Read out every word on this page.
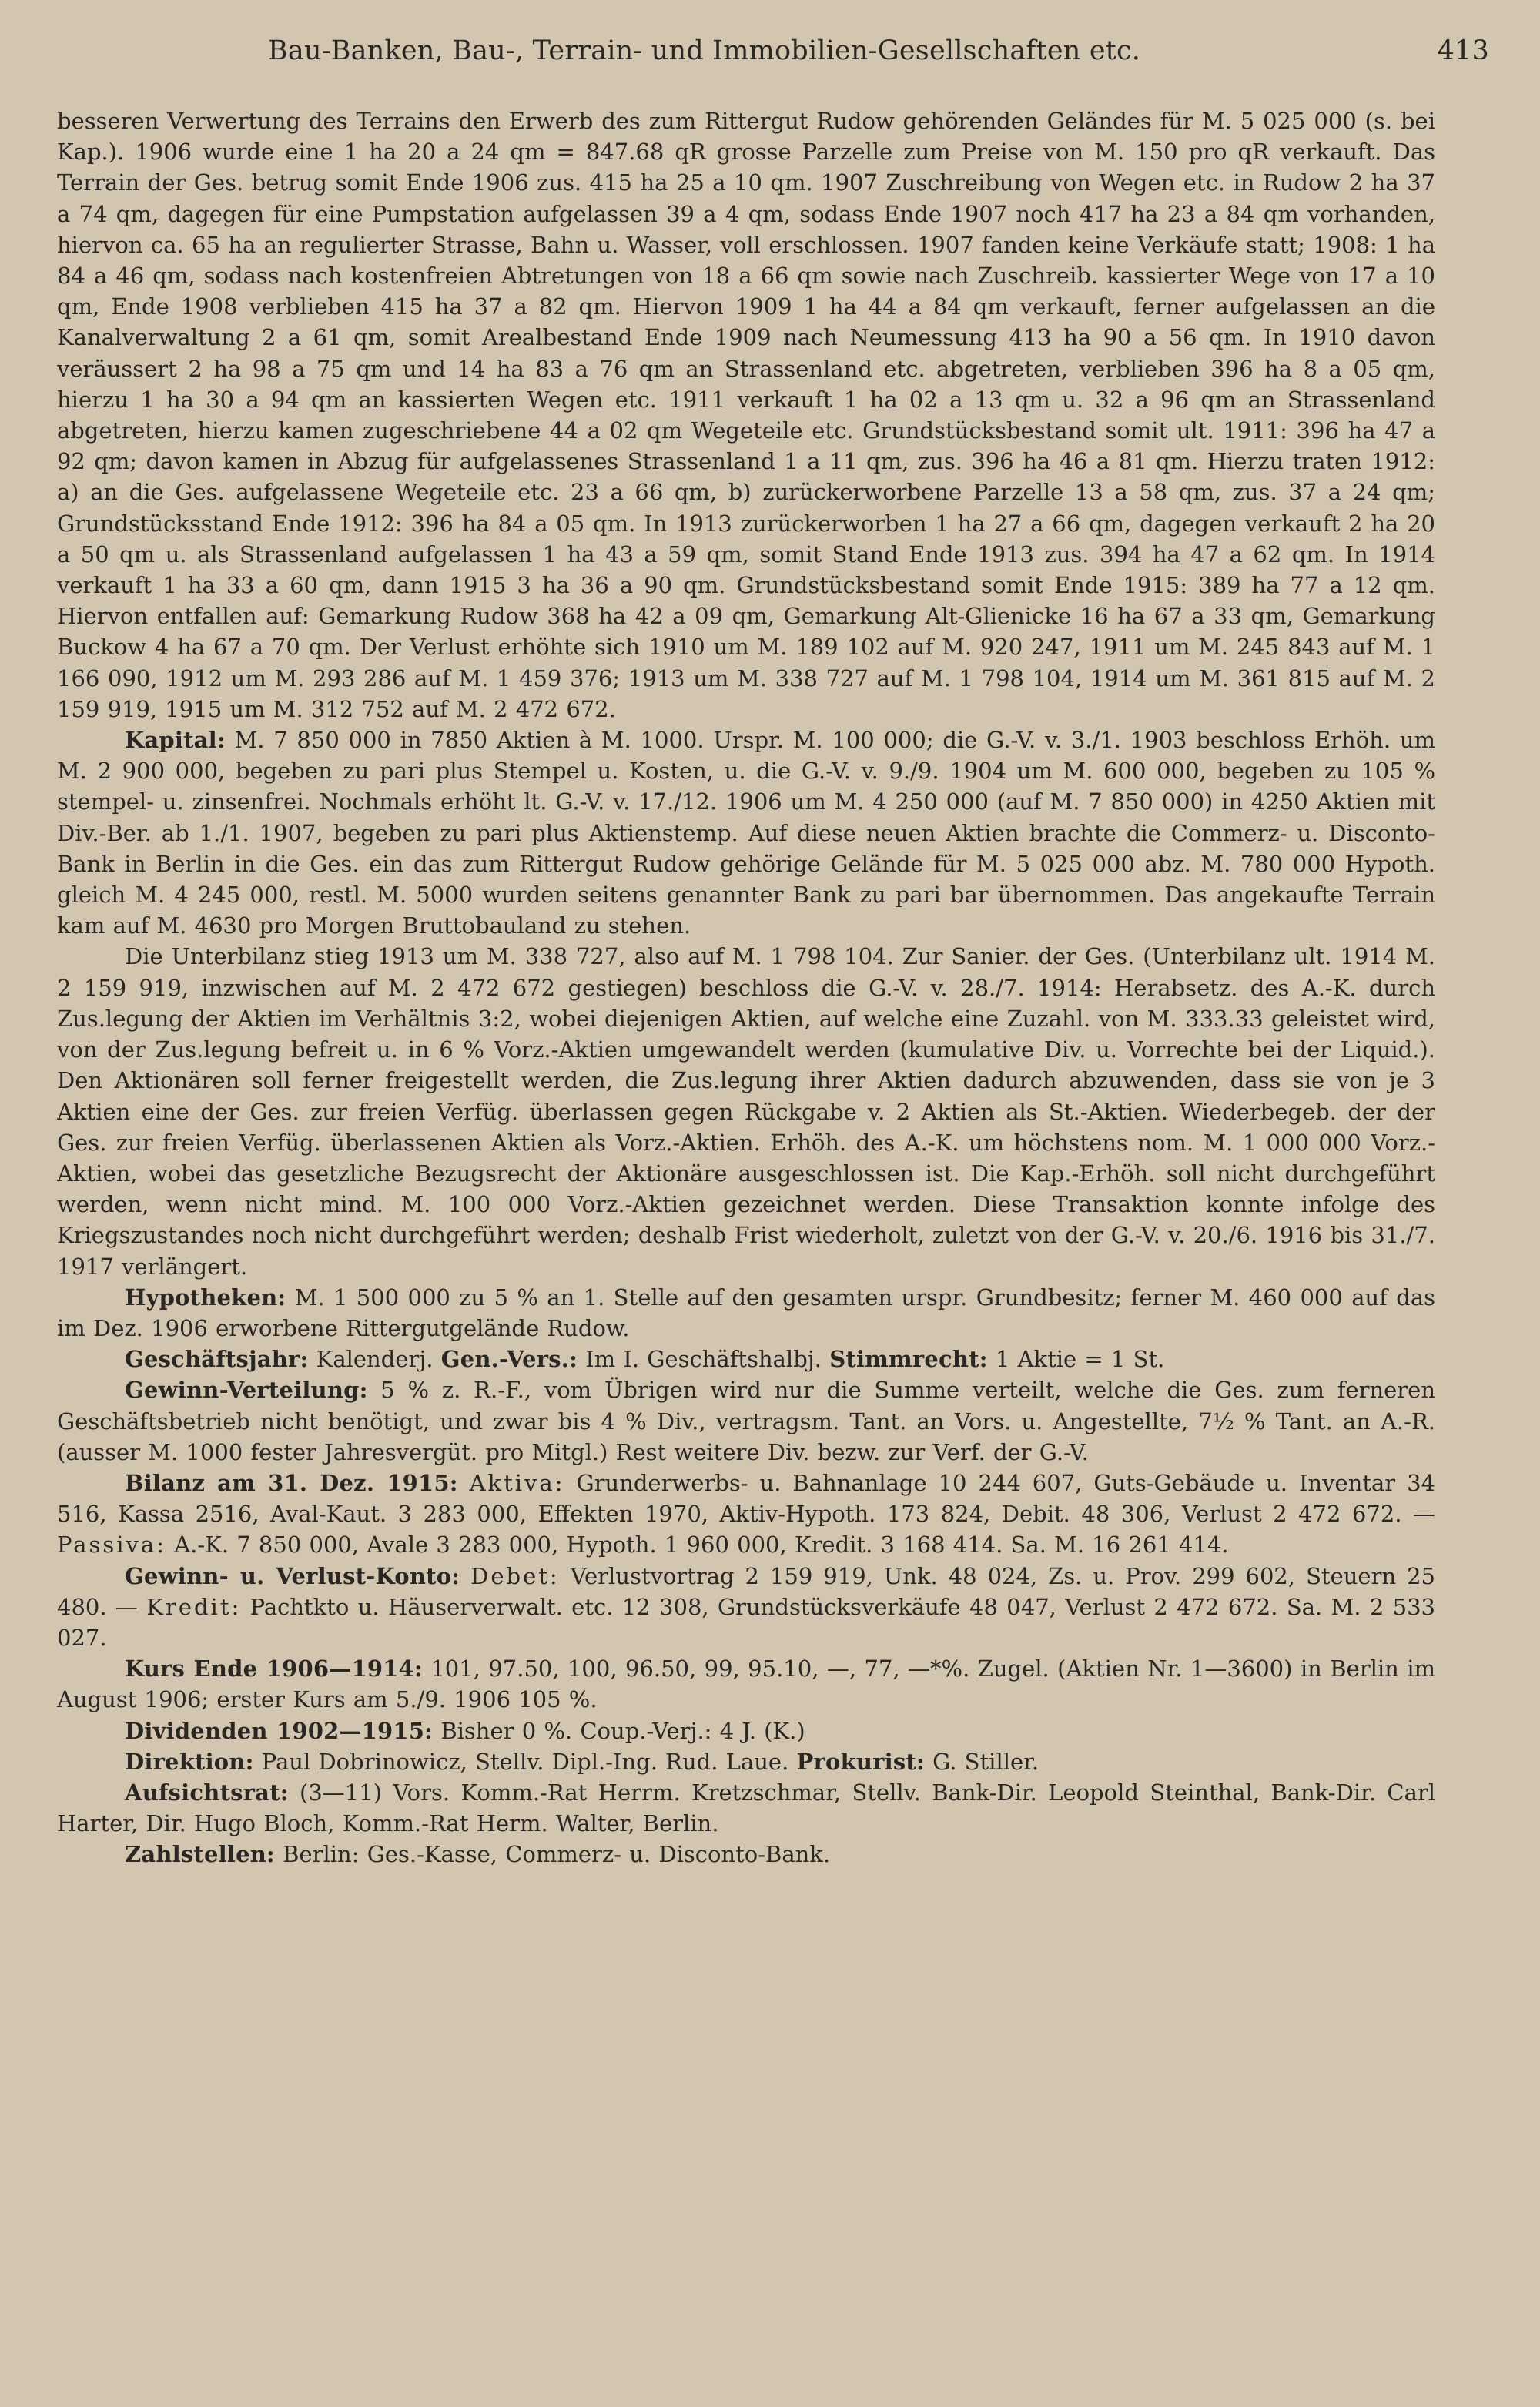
Bau-Banken, Bau-, Terrain- und Immobilien-Gesellschaften etc.	413

besseren Verwertung des Terrains den Erwerb des zum Rittergut Rudow gehörenden Geländes für M. 5 025 000 (s. bei Kap.). 1906 wurde eine 1 ha 20 a 24 qm = 847.68 qR grosse Parzelle zum Preise von M. 150 pro qR verkauft. Das Terrain der Ges. betrug somit Ende 1906 zus. 415 ha 25 a 10 qm. 1907 Zuschreibung von Wegen etc. in Rudow 2 ha 37 a 74 qm, dagegen für eine Pumpstation aufgelassen 39 a 4 qm, sodass Ende 1907 noch 417 ha 23 a 84 qm vorhanden, hiervon ca. 65 ha an regulierter Strasse, Bahn u. Wasser, voll erschlossen. 1907 fanden keine Verkäufe statt; 1908: 1 ha 84 a 46 qm, sodass nach kostenfreien Abtretungen von 18 a 66 qm sowie nach Zuschreib. kassierter Wege von 17 a 10 qm, Ende 1908 verblieben 415 ha 37 a 82 qm. Hiervon 1909 1 ha 44 a 84 qm verkauft, ferner aufgelassen an die Kanalverwaltung 2 a 61 qm, somit Arealbestand Ende 1909 nach Neumessung 413 ha 90 a 56 qm. In 1910 davon veräussert 2 ha 98 a 75 qm und 14 ha 83 a 76 qm an Strassenland etc. abgetreten, verblieben 396 ha 8 a 05 qm, hierzu 1 ha 30 a 94 qm an kassierten Wegen etc. 1911 verkauft 1 ha 02 a 13 qm u. 32 a 96 qm an Strassenland abgetreten, hierzu kamen zugeschriebene 44 a 02 qm Wegeteile etc. Grundstücksbestand somit ult. 1911: 396 ha 47 a 92 qm; davon kamen in Abzug für aufgelassenes Strassenland 1 a 11 qm, zus. 396 ha 46 a 81 qm. Hierzu traten 1912: a) an die Ges. aufgelassene Wegeteile etc. 23 a 66 qm, b) zurückerworbene Parzelle 13 a 58 qm, zus. 37 a 24 qm; Grundstücksstand Ende 1912: 396 ha 84 a 05 qm. In 1913 zurückerworben 1 ha 27 a 66 qm, dagegen verkauft 2 ha 20 a 50 qm u. als Strassenland aufgelassen 1 ha 43 a 59 qm, somit Stand Ende 1913 zus. 394 ha 47 a 62 qm. In 1914 verkauft 1 ha 33 a 60 qm, dann 1915 3 ha 36 a 90 qm. Grundstücksbestand somit Ende 1915: 389 ha 77 a 12 qm. Hiervon entfallen auf: Gemarkung Rudow 368 ha 42 a 09 qm, Gemarkung Alt-Glienicke 16 ha 67 a 33 qm, Gemarkung Buckow 4 ha 67 a 70 qm. Der Verlust erhöhte sich 1910 um M. 189 102 auf M. 920 247, 1911 um M. 245 843 auf M. 1 166 090, 1912 um M. 293 286 auf M. 1 459 376; 1913 um M. 338 727 auf M. 1 798 104, 1914 um M. 361 815 auf M. 2 159 919, 1915 um M. 312 752 auf M. 2 472 672.

Kapital: M. 7 850 000 in 7850 Aktien à M. 1000. Urspr. M. 100 000; die G.-V. v. 3./1. 1903 beschloss Erhöh. um M. 2 900 000, begeben zu pari plus Stempel u. Kosten, u. die G.-V. v. 9./9. 1904 um M. 600 000, begeben zu 105 % stempel- u. zinsenfrei. Nochmals erhöht lt. G.-V. v. 17./12. 1906 um M. 4 250 000 (auf M. 7 850 000) in 4250 Aktien mit Div.-Ber. ab 1./1. 1907, begeben zu pari plus Aktienstemp. Auf diese neuen Aktien brachte die Commerz- u. Disconto-Bank in Berlin in die Ges. ein das zum Rittergut Rudow gehörige Gelände für M. 5 025 000 abz. M. 780 000 Hypoth. gleich M. 4 245 000, restl. M. 5000 wurden seitens genannter Bank zu pari bar übernommen. Das angekaufte Terrain kam auf M. 4630 pro Morgen Bruttobauland zu stehen.

Die Unterbilanz stieg 1913 um M. 338 727, also auf M. 1 798 104. Zur Sanier. der Ges. (Unterbilanz ult. 1914 M. 2 159 919, inzwischen auf M. 2 472 672 gestiegen) beschloss die G.-V. v. 28./7. 1914: Herabsetz. des A.-K. durch Zus.legung der Aktien im Verhältnis 3:2, wobei diejenigen Aktien, auf welche eine Zuzahl. von M. 333.33 geleistet wird, von der Zus.legung befreit u. in 6 % Vorz.-Aktien umgewandelt werden (kumulative Div. u. Vorrechte bei der Liquid.). Den Aktionären soll ferner freigestellt werden, die Zus.legung ihrer Aktien dadurch abzuwenden, dass sie von je 3 Aktien eine der Ges. zur freien Verfüg. überlassen gegen Rückgabe v. 2 Aktien als St.-Aktien. Wiederbegeb. der der Ges. zur freien Verfüg. überlassenen Aktien als Vorz.-Aktien. Erhöh. des A.-K. um höchstens nom. M. 1 000 000 Vorz.-Aktien, wobei das gesetzliche Bezugsrecht der Aktionäre ausgeschlossen ist. Die Kap.-Erhöh. soll nicht durchgeführt werden, wenn nicht mind. M. 100 000 Vorz.-Aktien gezeichnet werden. Diese Transaktion konnte infolge des Kriegszustandes noch nicht durchgeführt werden; deshalb Frist wiederholt, zuletzt von der G.-V. v. 20./6. 1916 bis 31./7. 1917 verlängert.

Hypotheken: M. 1 500 000 zu 5 % an 1. Stelle auf den gesamten urspr. Grundbesitz; ferner M. 460 000 auf das im Dez. 1906 erworbene Rittergutgelände Rudow.

Geschäftsjahr: Kalenderj. Gen.-Vers.: Im I. Geschäftshalbj. Stimmrecht: 1 Aktie = 1 St.

Gewinn-Verteilung: 5 % z. R.-F., vom Übrigen wird nur die Summe verteilt, welche die Ges. zum ferneren Geschäftsbetrieb nicht benötigt, und zwar bis 4 % Div., vertragsm. Tant. an Vors. u. Angestellte, 7½ % Tant. an A.-R. (ausser M. 1000 fester Jahresvergüt. pro Mitgl.) Rest weitere Div. bezw. zur Verf. der G.-V.

Bilanz am 31. Dez. 1915: Aktiva: Grunderwerbs- u. Bahnanlage 10 244 607, Guts-Gebäude u. Inventar 34 516, Kassa 2516, Aval-Kaut. 3 283 000, Effekten 1970, Aktiv-Hypoth. 173 824, Debit. 48 306, Verlust 2 472 672. — Passiva: A.-K. 7 850 000, Avale 3 283 000, Hypoth. 1 960 000, Kredit. 3 168 414. Sa. M. 16 261 414.

Gewinn- u. Verlust-Konto: Debet: Verlustvortrag 2 159 919, Unk. 48 024, Zs. u. Prov. 299 602, Steuern 25 480. — Kredit: Pachtkto u. Häuserverwalt. etc. 12 308, Grundstücksverkäufe 48 047, Verlust 2 472 672. Sa. M. 2 533 027.

Kurs Ende 1906—1914: 101, 97.50, 100, 96.50, 99, 95.10, —, 77, —*%. Zugel. (Aktien Nr. 1—3600) in Berlin im August 1906; erster Kurs am 5./9. 1906 105 %.

Dividenden 1902—1915: Bisher 0 %. Coup.-Verj.: 4 J. (K.)

Direktion: Paul Dobrinowicz, Stellv. Dipl.-Ing. Rud. Laue. Prokurist: G. Stiller.

Aufsichtsrat: (3—11) Vors. Komm.-Rat Herrm. Kretzschmar, Stellv. Bank-Dir. Leopold Steinthal, Bank-Dir. Carl Harter, Dir. Hugo Bloch, Komm.-Rat Herm. Walter, Berlin.

Zahlstellen: Berlin: Ges.-Kasse, Commerz- u. Disconto-Bank.
